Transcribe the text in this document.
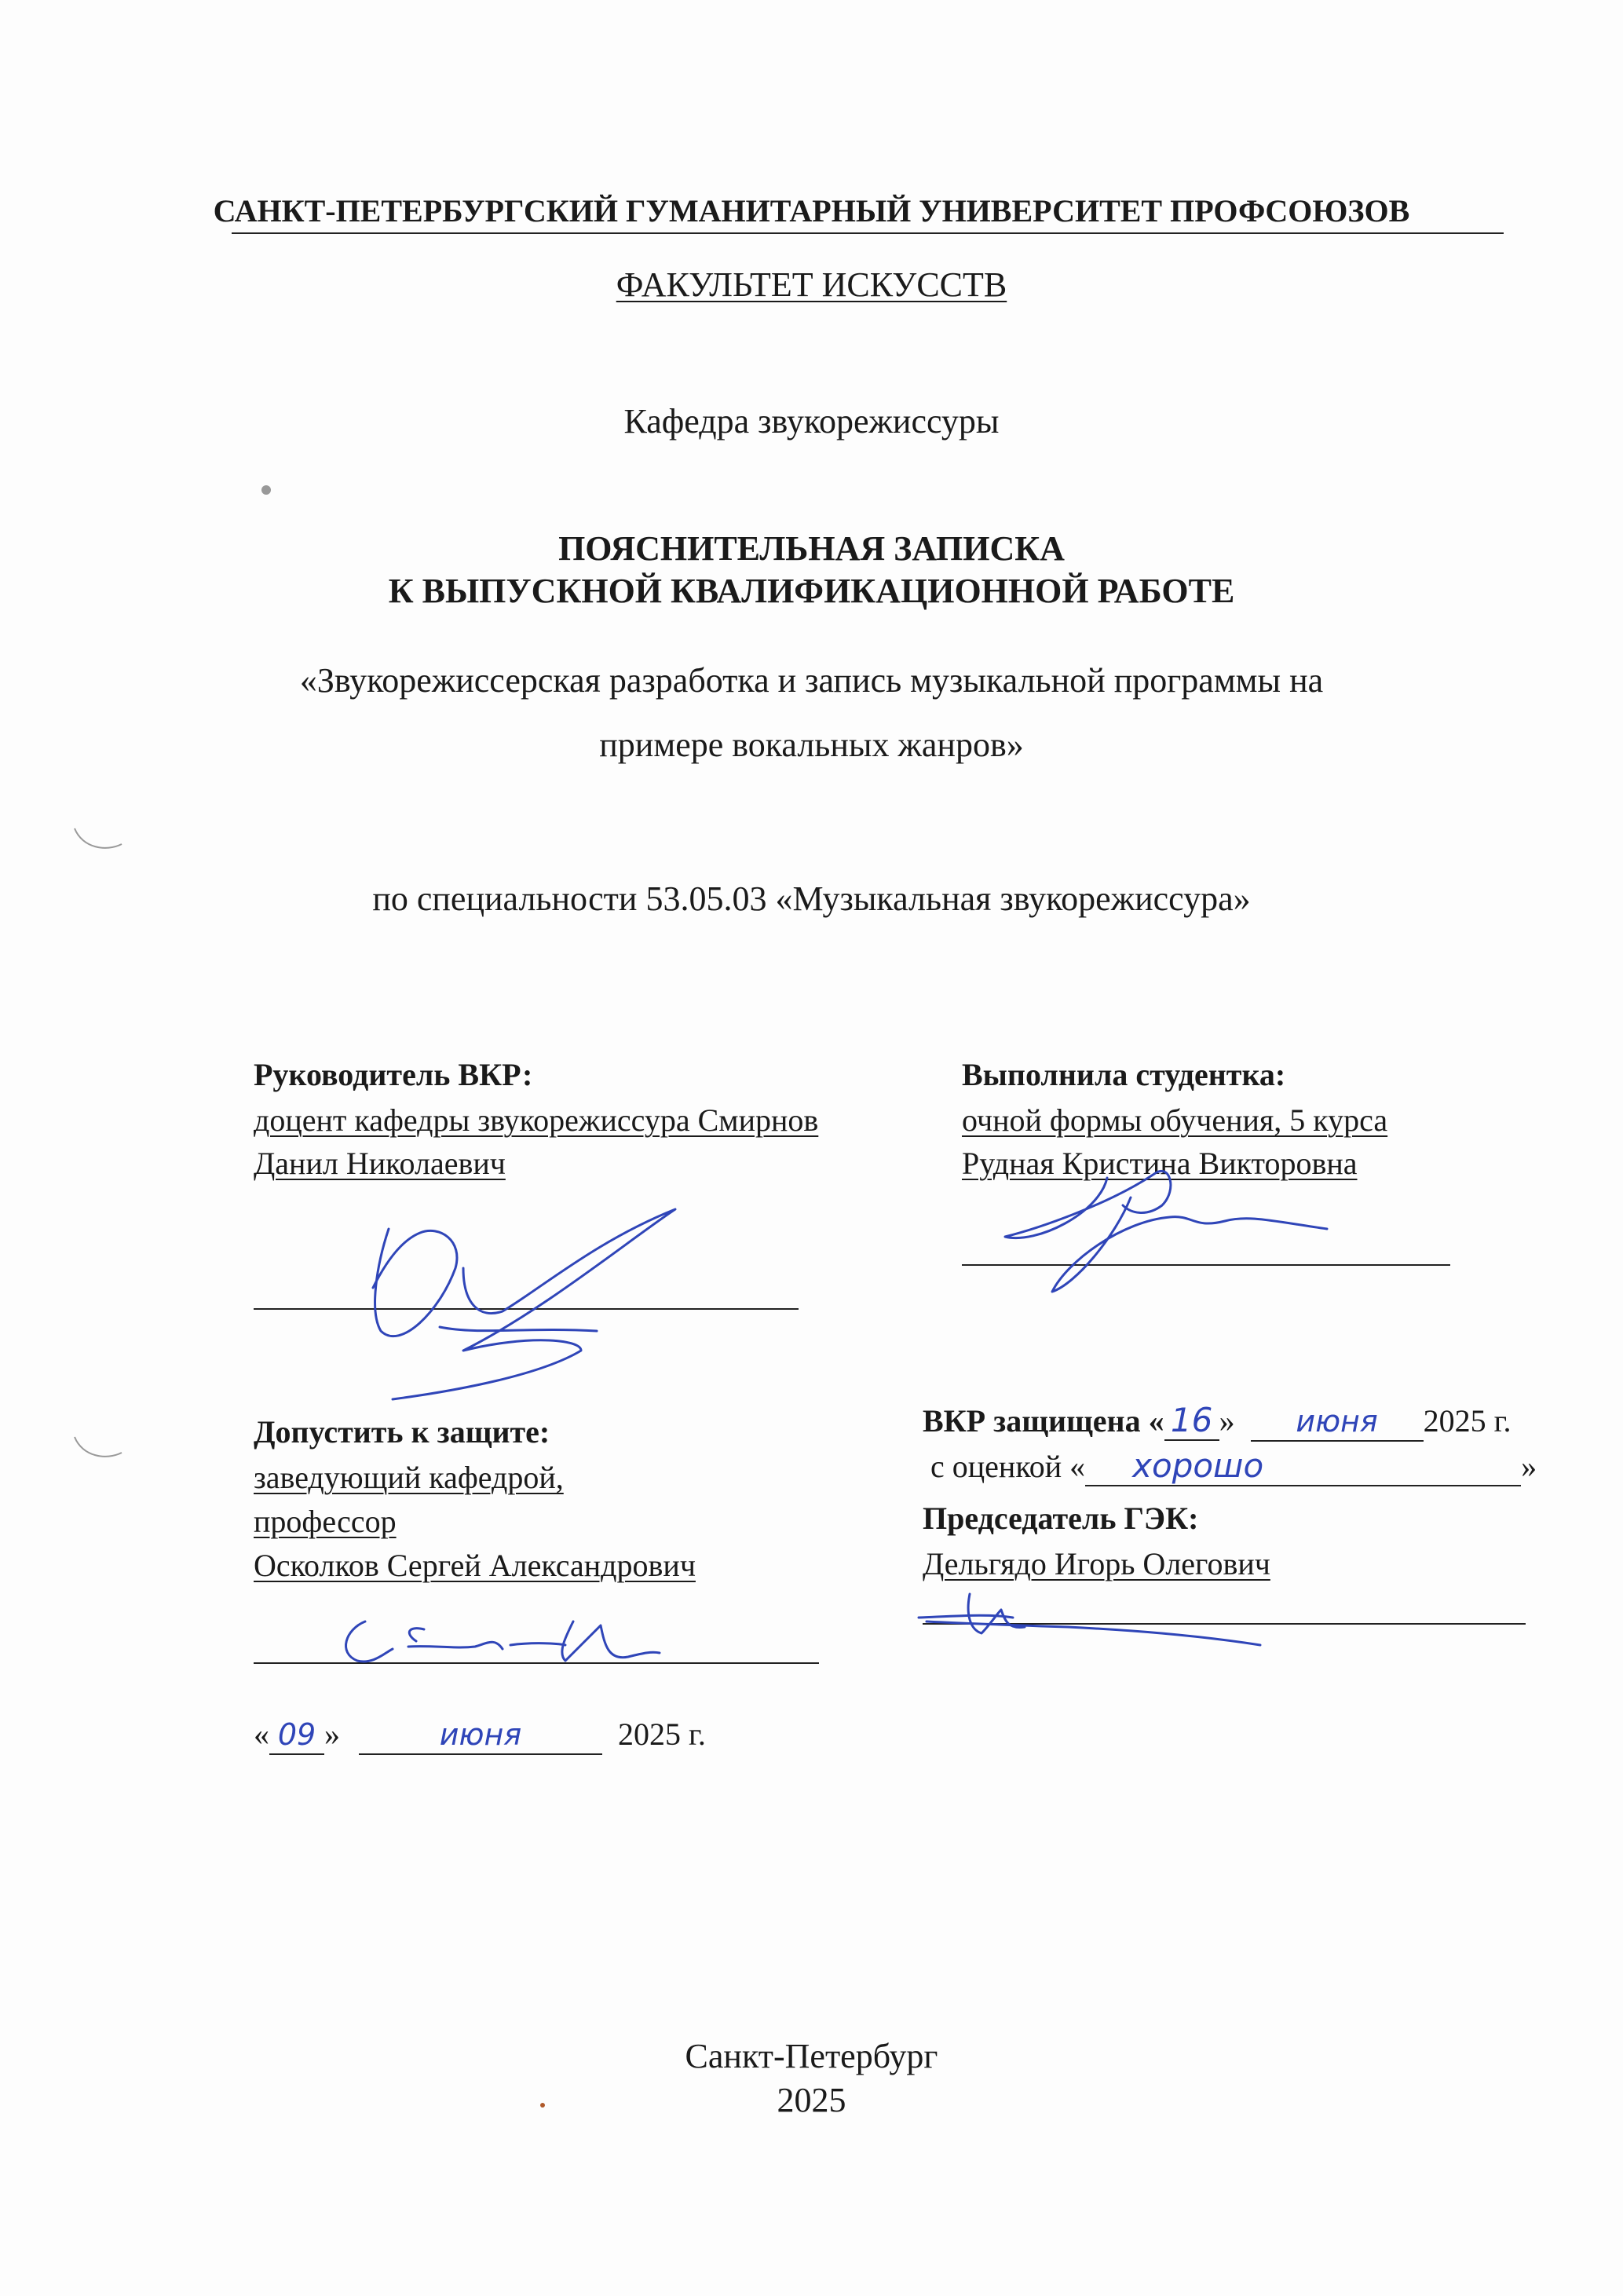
САНКТ-ПЕТЕРБУРГСКИЙ ГУМАНИТАРНЫЙ УНИВЕРСИТЕТ ПРОФСОЮЗОВ
ФАКУЛЬТЕТ ИСКУССТВ
Кафедра звукорежиссуры
ПОЯСНИТЕЛЬНАЯ ЗАПИСКА
К ВЫПУСКНОЙ КВАЛИФИКАЦИОННОЙ РАБОТЕ
«Звукорежиссерская разработка и запись музыкальной программы на
примере вокальных жанров»
по специальности 53.05.03 «Музыкальная звукорежиссура»
Руководитель ВКР:
доцент кафедры звукорежиссура Смирнов
Данил Николаевич
Выполнила студентка:
очной формы обучения, 5 курса
Рудная Кристина Викторовна
Допустить к защите:
заведующий кафедрой,
профессор
Осколков Сергей Александрович
« 09 »	июня	2025 г.
ВКР защищена « 16 » июня 2025 г.
с оценкой « хорошо	»
Председатель ГЭК:
Дельгядо Игорь Олегович
Санкт-Петербург
2025
